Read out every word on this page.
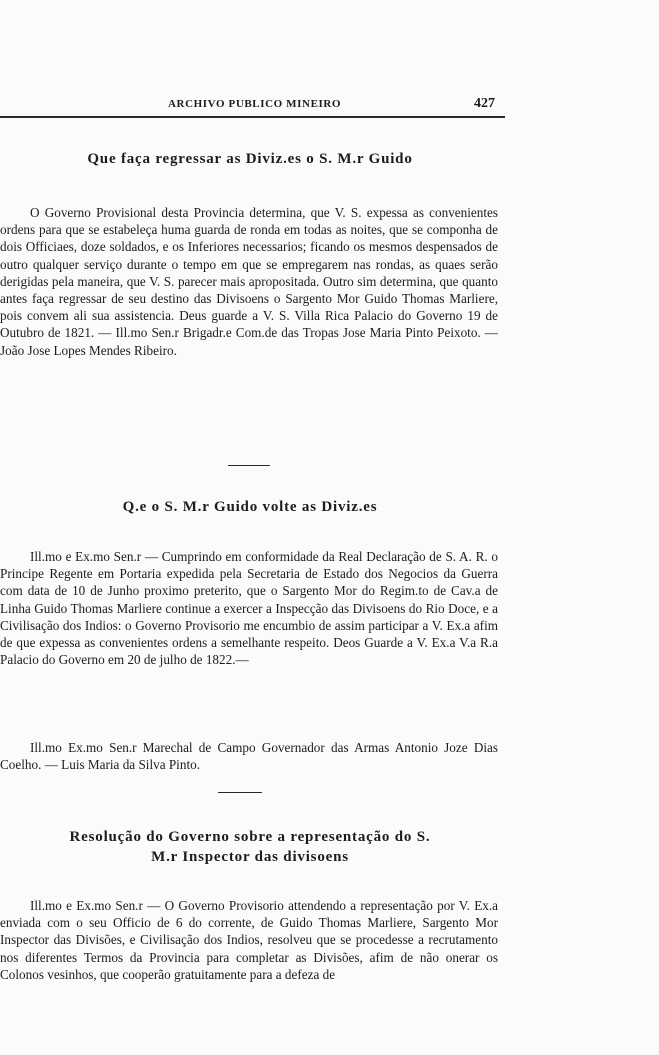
ARCHIVO PUBLICO MINEIRO	427
Que faça regressar as Diviz.es o S. M.r Guido

O Governo Provisional desta Provincia determina, que V. S. expessa as convenientes ordens para que se estabeleça huma guarda de ronda em todas as noites, que se componha de dois Officiaes, doze soldados, e os Inferiores necessarios; ficando os mesmos despensados de outro qualquer serviço durante o tempo em que se empregarem nas rondas, as quaes serão derigidas pela maneira, que V. S. parecer mais apropositada. Outro sim determina, que quanto antes faça regressar de seu destino das Divisoens o Sargento Mor Guido Thomas Marliere, pois convem ali sua assistencia. Deus guarde a V. S. Villa Rica Palacio do Governo 19 de Outubro de 1821. — Ill.mo Sen.r Brigadr.e Com.de das Tropas Jose Maria Pinto Peixoto. — João Jose Lopes Mendes Ribeiro.

Q.e o S. M.r Guido volte as Diviz.es

Ill.mo e Ex.mo Sen.r — Cumprindo em conformidade da Real Declaração de S. A. R. o Principe Regente em Portaria expedida pela Secretaria de Estado dos Negocios da Guerra com data de 10 de Junho proximo preterito, que o Sargento Mor do Regim.to de Cav.a de Linha Guido Thomas Marliere continue a exercer a Inspecção das Divisoens do Rio Doce, e a Civilisação dos Indios: o Governo Provisorio me encumbio de assim participar a V. Ex.a afim de que expessa as convenientes ordens a semelhante respeito. Deos Guarde a V. Ex.a V.a R.a Palacio do Governo em 20 de julho de 1822.—

Ill.mo Ex.mo Sen.r Marechal de Campo Governador das Armas Antonio Joze Dias Coelho. — Luis Maria da Silva Pinto.

Resolução do Governo sobre a representação do S.
M.r Inspector das divisoens

Ill.mo e Ex.mo Sen.r — O Governo Provisorio attendendo a representação por V. Ex.a enviada com o seu Officio de 6 do corrente, de Guido Thomas Marliere, Sargento Mor Inspector das Divisões, e Civilisação dos Indios, resolveu que se procedesse a recrutamento nos diferentes Termos da Provincia para completar as Divisões, afim de não onerar os Colonos vesinhos, que cooperão gratuitamente para a defeza de
